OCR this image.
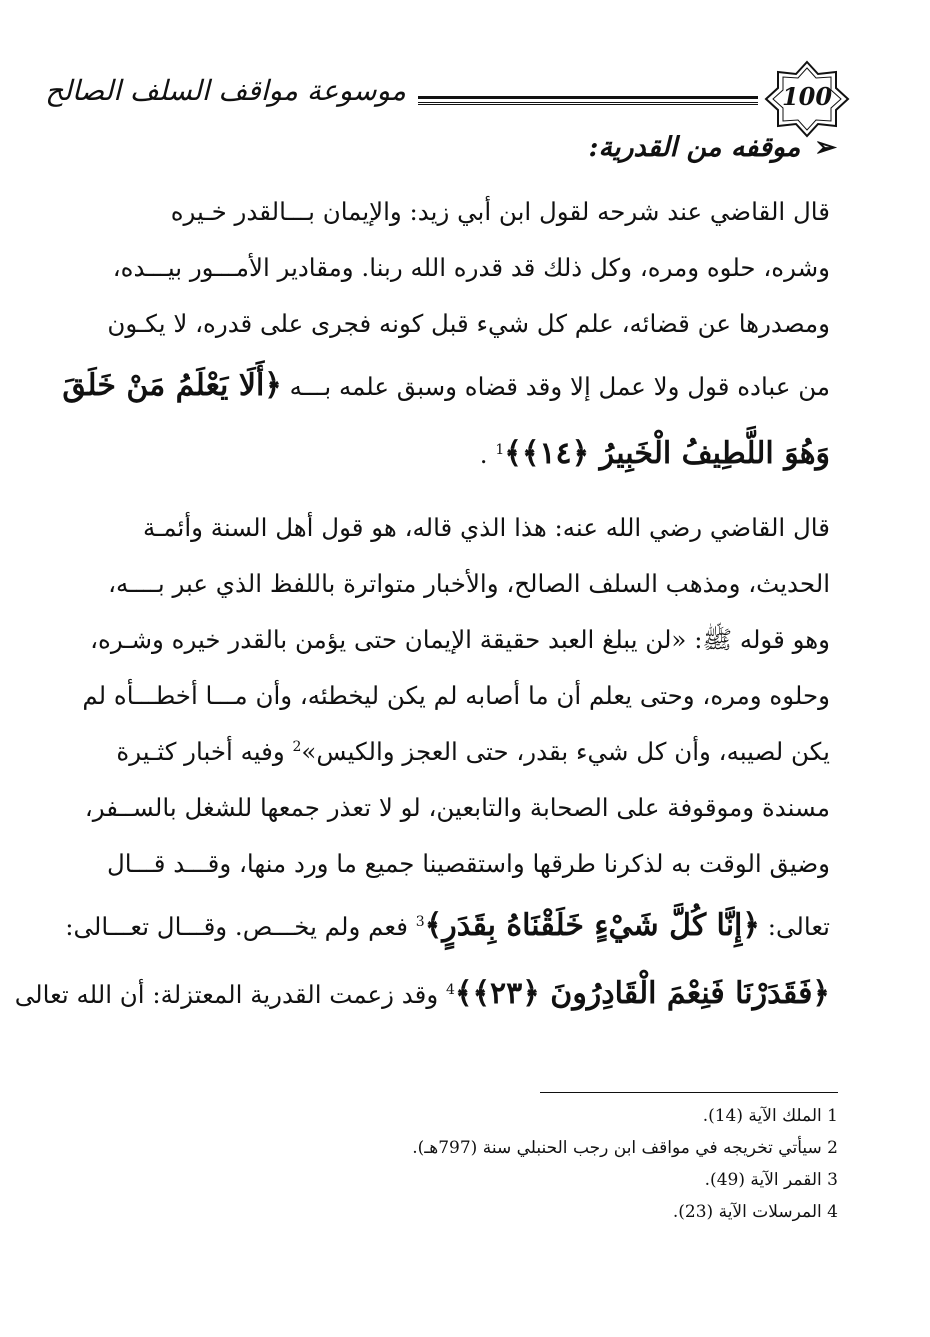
موسوعة مواقف السلف الصالح	100
➢موقفه من القدرية:
قال القاضي عند شرحه لقول ابن أبي زيد: والإيمان بـــالقدر خـيره
وشره، حلوه ومره، وكل ذلك قد قدره الله ربنا. ومقادير الأمـــور بيـــده،
ومصدرها عن قضائه، علم كل شيء قبل كونه فجرى على قدره، لا يكـون
من عباده قول ولا عمل إلا وقد قضاه وسبق علمه بـــه ﴿أَلَا يَعْلَمُ مَنْ خَلَقَ
وَهُوَ اللَّطِيفُ الْخَبِيرُ ﴿١٤﴾﴾$^1$ .
قال القاضي رضي الله عنه: هذا الذي قاله، هو قول أهل السنة وأئمـة
الحديث، ومذهب السلف الصالح، والأخبار متواترة باللفظ الذي عبر بــــه،
وهو قوله ﷺ: «لن يبلغ العبد حقيقة الإيمان حتى يؤمن بالقدر خيره وشـره،
وحلوه ومره، وحتى يعلم أن ما أصابه لم يكن ليخطئه، وأن مـــا أخطـــأه لم
يكن لصيبه، وأن كل شيء بقدر، حتى العجز والكيس»$^2$ وفيه أخبار كثـيرة
مسندة وموقوفة على الصحابة والتابعين، لو لا تعذر جمعها للشغل بالســفر،
وضيق الوقت به لذكرنا طرقها واستقصينا جميع ما ورد منها، وقـــد قـــال
تعالى: ﴿إِنَّا كُلَّ شَيْءٍ خَلَقْنَاهُ بِقَدَرٍ﴾$^3$ فعم ولم يخـــص. وقـــال تعـــالى:
﴿فَقَدَرْنَا فَنِعْمَ الْقَادِرُونَ ﴿٢٣﴾﴾$^4$ وقد زعمت القدرية المعتزلة: أن الله تعالى
1 الملك الآية (14).
2 سيأتي تخريجه في مواقف ابن رجب الحنبلي سنة (797هـ).
3 القمر الآية (49).
4 المرسلات الآية (23).
